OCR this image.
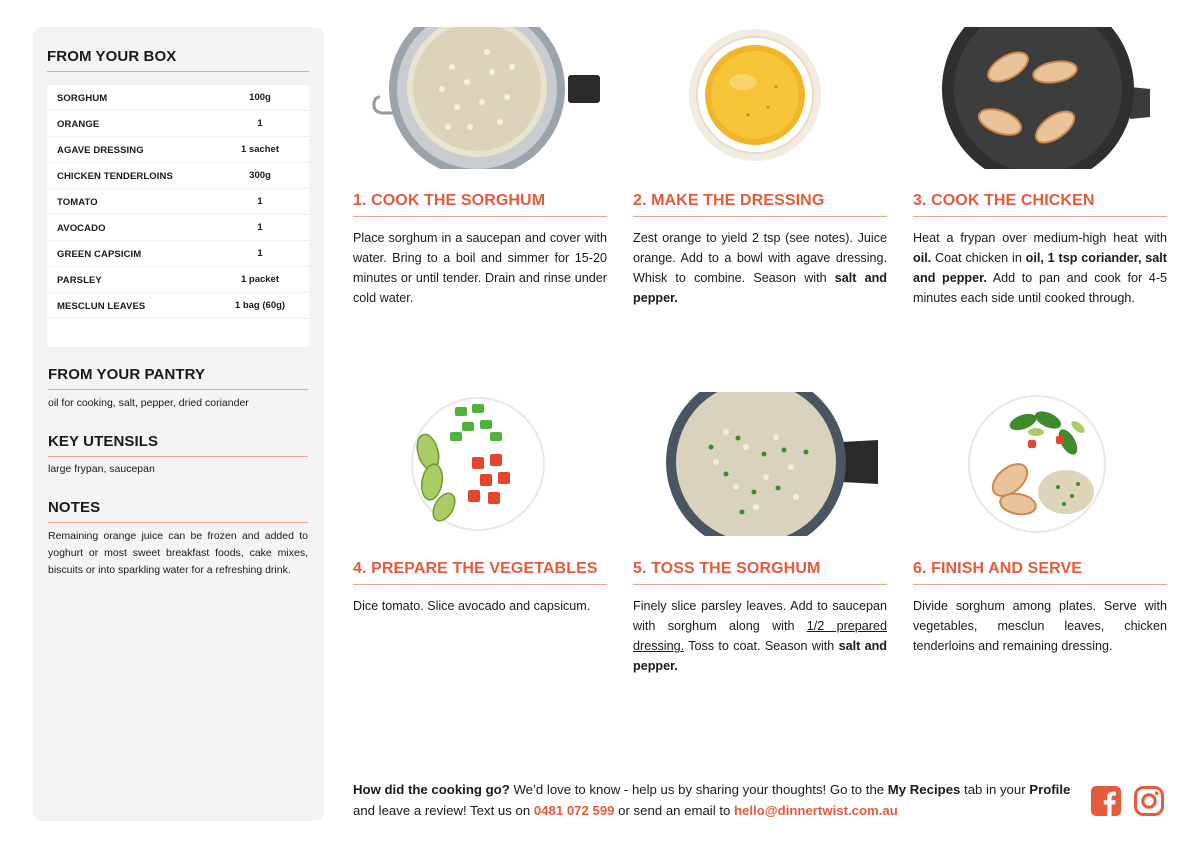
FROM YOUR BOX
SORGHUM	100g
ORANGE	1
AGAVE DRESSING	1 sachet
CHICKEN TENDERLOINS	300g
TOMATO	1
AVOCADO	1
GREEN CAPSICIM	1
PARSLEY	1 packet
MESCLUN LEAVES	1 bag (60g)
FROM YOUR PANTRY
oil for cooking, salt, pepper, dried coriander
KEY UTENSILS
large frypan, saucepan
NOTES
Remaining orange juice can be frozen and added to yoghurt or most sweet breakfast foods, cake mixes, biscuits or into sparkling water for a refreshing drink.
1. COOK THE SORGHUM
Place sorghum in a saucepan and cover with water. Bring to a boil and simmer for 15-20 minutes or until tender. Drain and rinse under cold water.
2. MAKE THE DRESSING
Zest orange to yield 2 tsp (see notes). Juice orange. Add to a bowl with agave dressing. Whisk to combine. Season with salt and pepper.
3. COOK THE CHICKEN
Heat a frypan over medium-high heat with oil. Coat chicken in oil, 1 tsp coriander, salt and pepper. Add to pan and cook for 4-5 minutes each side until cooked through.
4. PREPARE THE VEGETABLES
Dice tomato. Slice avocado and capsicum.
5. TOSS THE SORGHUM
Finely slice parsley leaves. Add to saucepan with sorghum along with 1/2 prepared dressing. Toss to coat. Season with salt and pepper.
6. FINISH AND SERVE
Divide sorghum among plates. Serve with vegetables, mesclun leaves, chicken tenderloins and remaining dressing.
How did the cooking go? We’d love to know - help us by sharing your thoughts! Go to the My Recipes tab in your Profile and leave a review! Text us on 0481 072 599 or send an email to hello@dinnertwist.com.au
